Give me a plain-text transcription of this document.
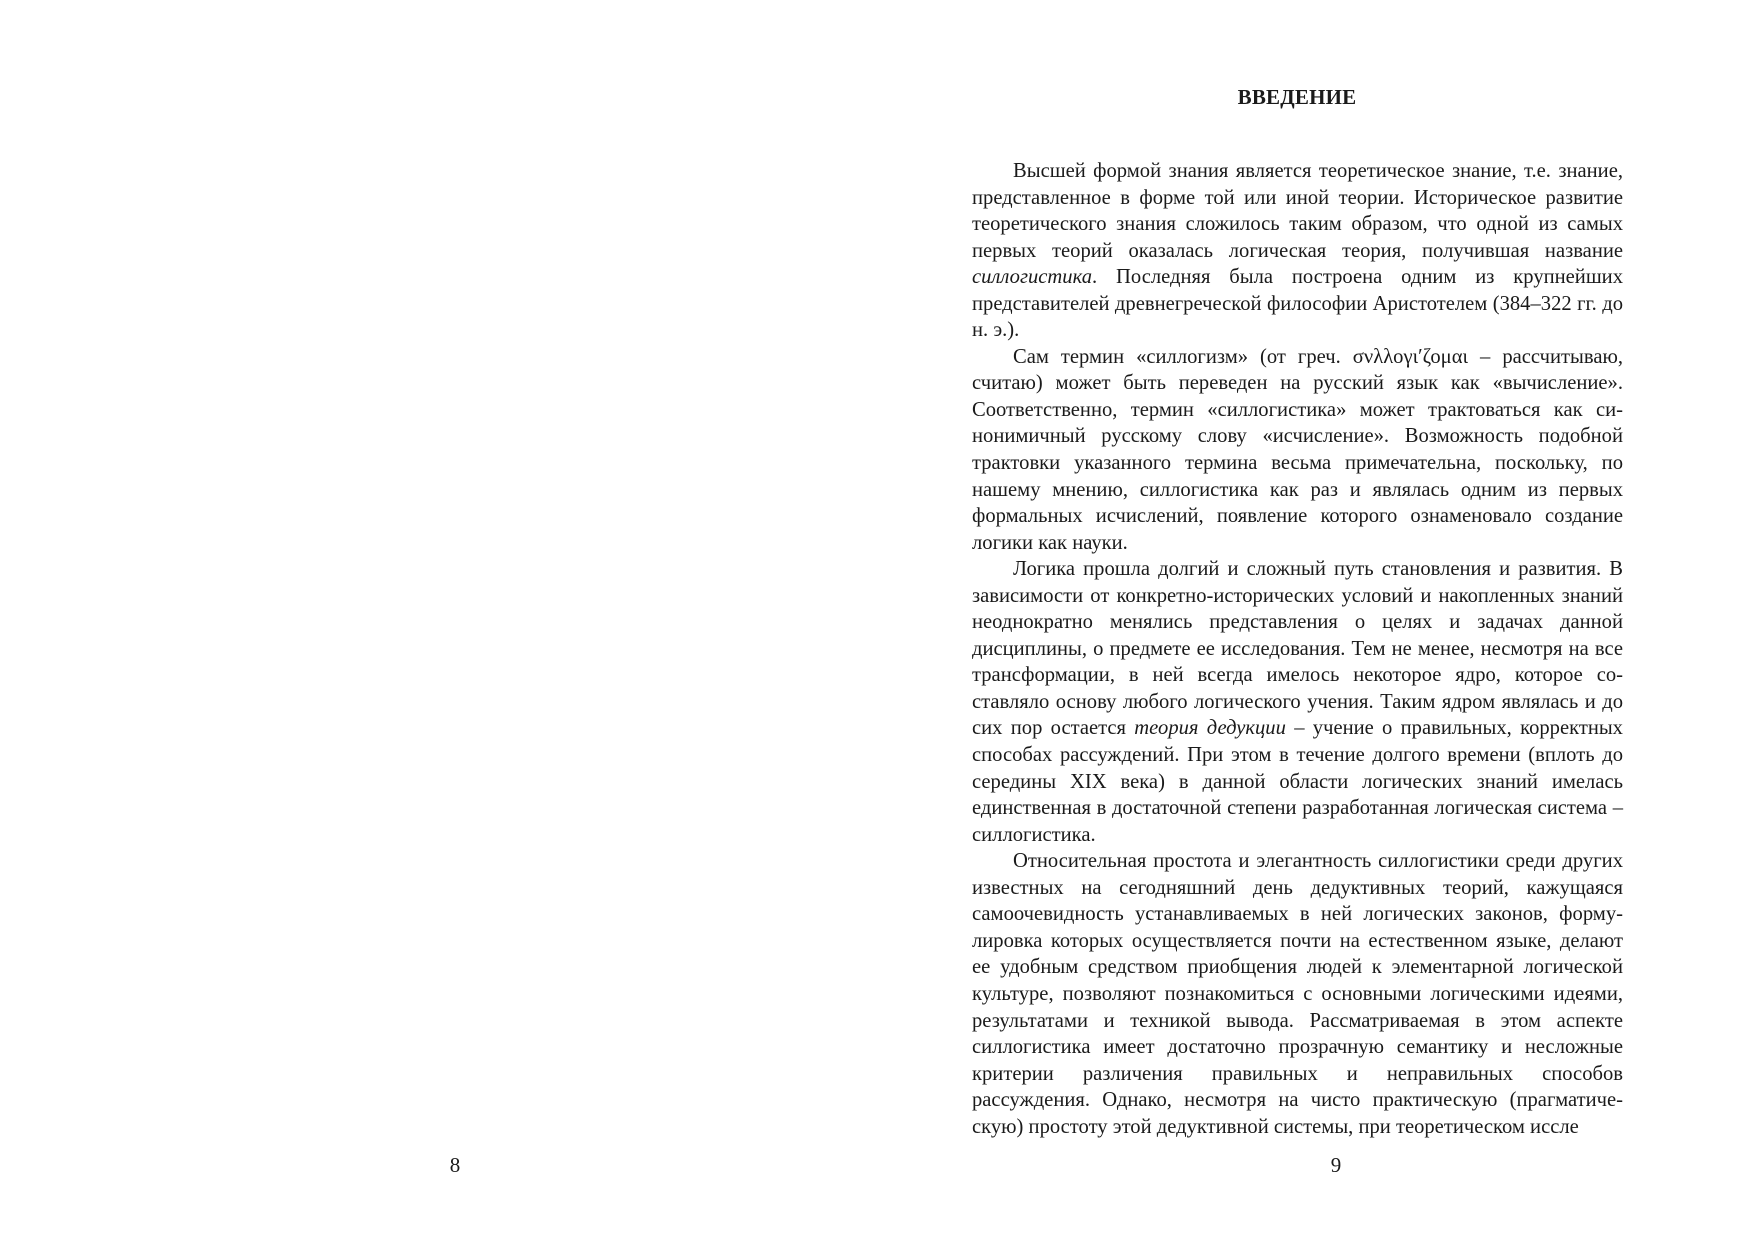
8
ВВЕДЕНИЕ

Высшей формой знания является теоретическое знание, т.е. знание, представленное в форме той или иной теории. Историческое развитие теоретического знания сложилось таким образом, что одной из самых первых теорий оказалась логическая теория, получившая название силлогистика. Последняя была построена одним из крупнейших представителей древнегреческой философии Аристотелем (384–322 гг. до н. э.).

Сам термин «силлогизм» (от греч. σνλλογι′ζομαι – рассчитываю, считаю) может быть переведен на русский язык как «вычисление». Соответственно, термин «силлогистика» может трактоваться как синонимичный русскому слову «исчисление». Возможность подобной трактовки указанного термина весьма примечательна, поскольку, по нашему мнению, силлогистика как раз и являлась одним из первых формальных исчислений, появление которого ознаменовало создание логики как науки.

Логика прошла долгий и сложный путь становления и развития. В зависимости от конкретно-исторических условий и накопленных знаний неоднократно менялись представления о целях и задачах данной дисциплины, о предмете ее исследования. Тем не менее, несмотря на все трансформации, в ней всегда имелось некоторое ядро, которое составляло основу любого логического учения. Таким ядром являлась и до сих пор остается теория дедукции – учение о правильных, корректных способах рассуждений. При этом в течение долгого времени (вплоть до середины XIX века) в данной области логических знаний имелась единственная в достаточной степени разработанная логическая система – силлогистика.

Относительная простота и элегантность силлогистики среди других известных на сегодняшний день дедуктивных теорий, кажущаяся самоочевидность устанавливаемых в ней логических законов, формулировка которых осуществляется почти на естественном языке, делают ее удобным средством приобщения людей к элементарной логической культуре, позволяют познакомиться с основными логическими идеями, результатами и техникой вывода. Рассматриваемая в этом аспекте силлогистика имеет достаточно прозрачную семантику и несложные критерии различения правильных и неправильных способов рассуждения. Однако, несмотря на чисто практическую (прагматическую) простоту этой дедуктивной системы, при теоретическом иссле

9
